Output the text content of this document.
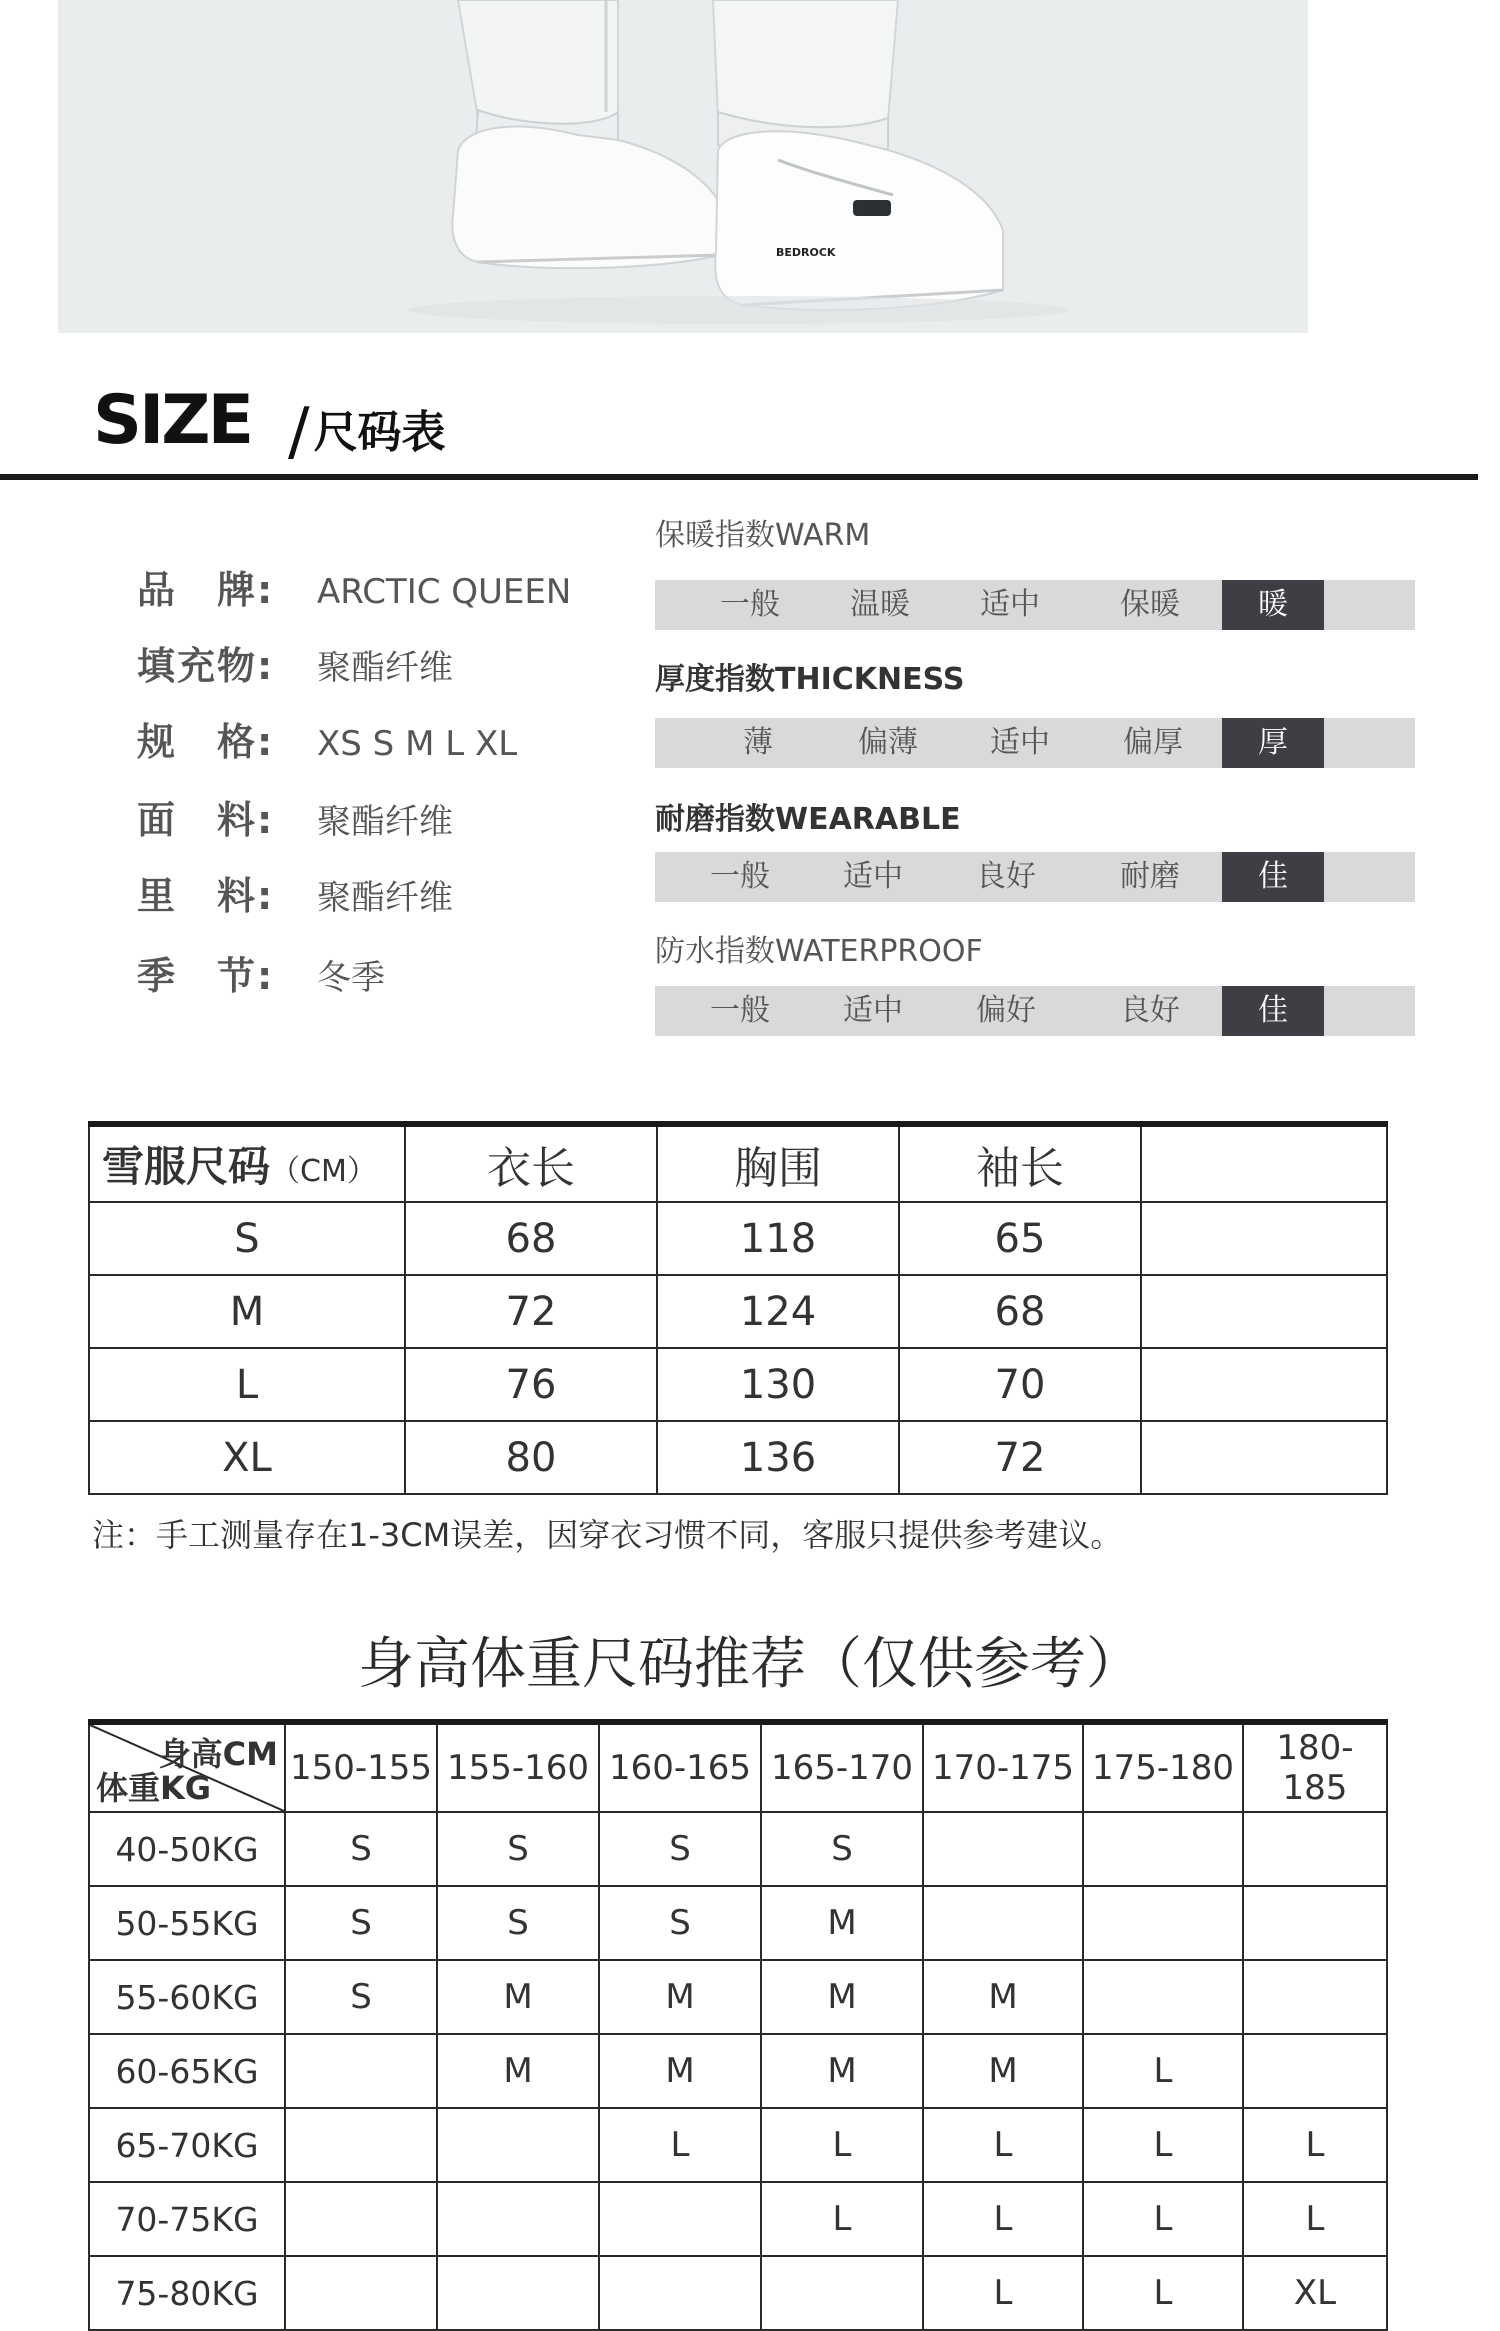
BEDROCK
SIZE /尺码表
品　牌: ARCTIC QUEEN
填充物: 聚酯纤维
规　格: XS S M L XL
面　料: 聚酯纤维
里　料: 聚酯纤维
季　节: 冬季
保暖指数WARM
一般	温暖	适中	保暖	暖
厚度指数THICKNESS
薄	偏薄	适中	偏厚	厚
耐磨指数WEARABLE
一般	适中	良好	耐磨	佳
防水指数WATERPROOF
一般	适中	偏好	良好	佳
雪服尺码（CM）	衣长	胸围	袖长	
S	68	118	65	
M	72	124	68	
L	76	130	70	
XL	80	136	72	
注：手工测量存在1-3CM误差，因穿衣习惯不同，客服只提供参考建议。
身高体重尺码推荐（仅供参考）
身高CM
体重KG	150-155	155-160	160-165	165-170	170-175	175-180	180-185
40-50KG	S	S	S	S			
50-55KG	S	S	S	M			
55-60KG	S	M	M	M	M		
60-65KG		M	M	M	M	L	
65-70KG			L	L	L	L	L
70-75KG				L	L	L	L
75-80KG					L	L	XL
